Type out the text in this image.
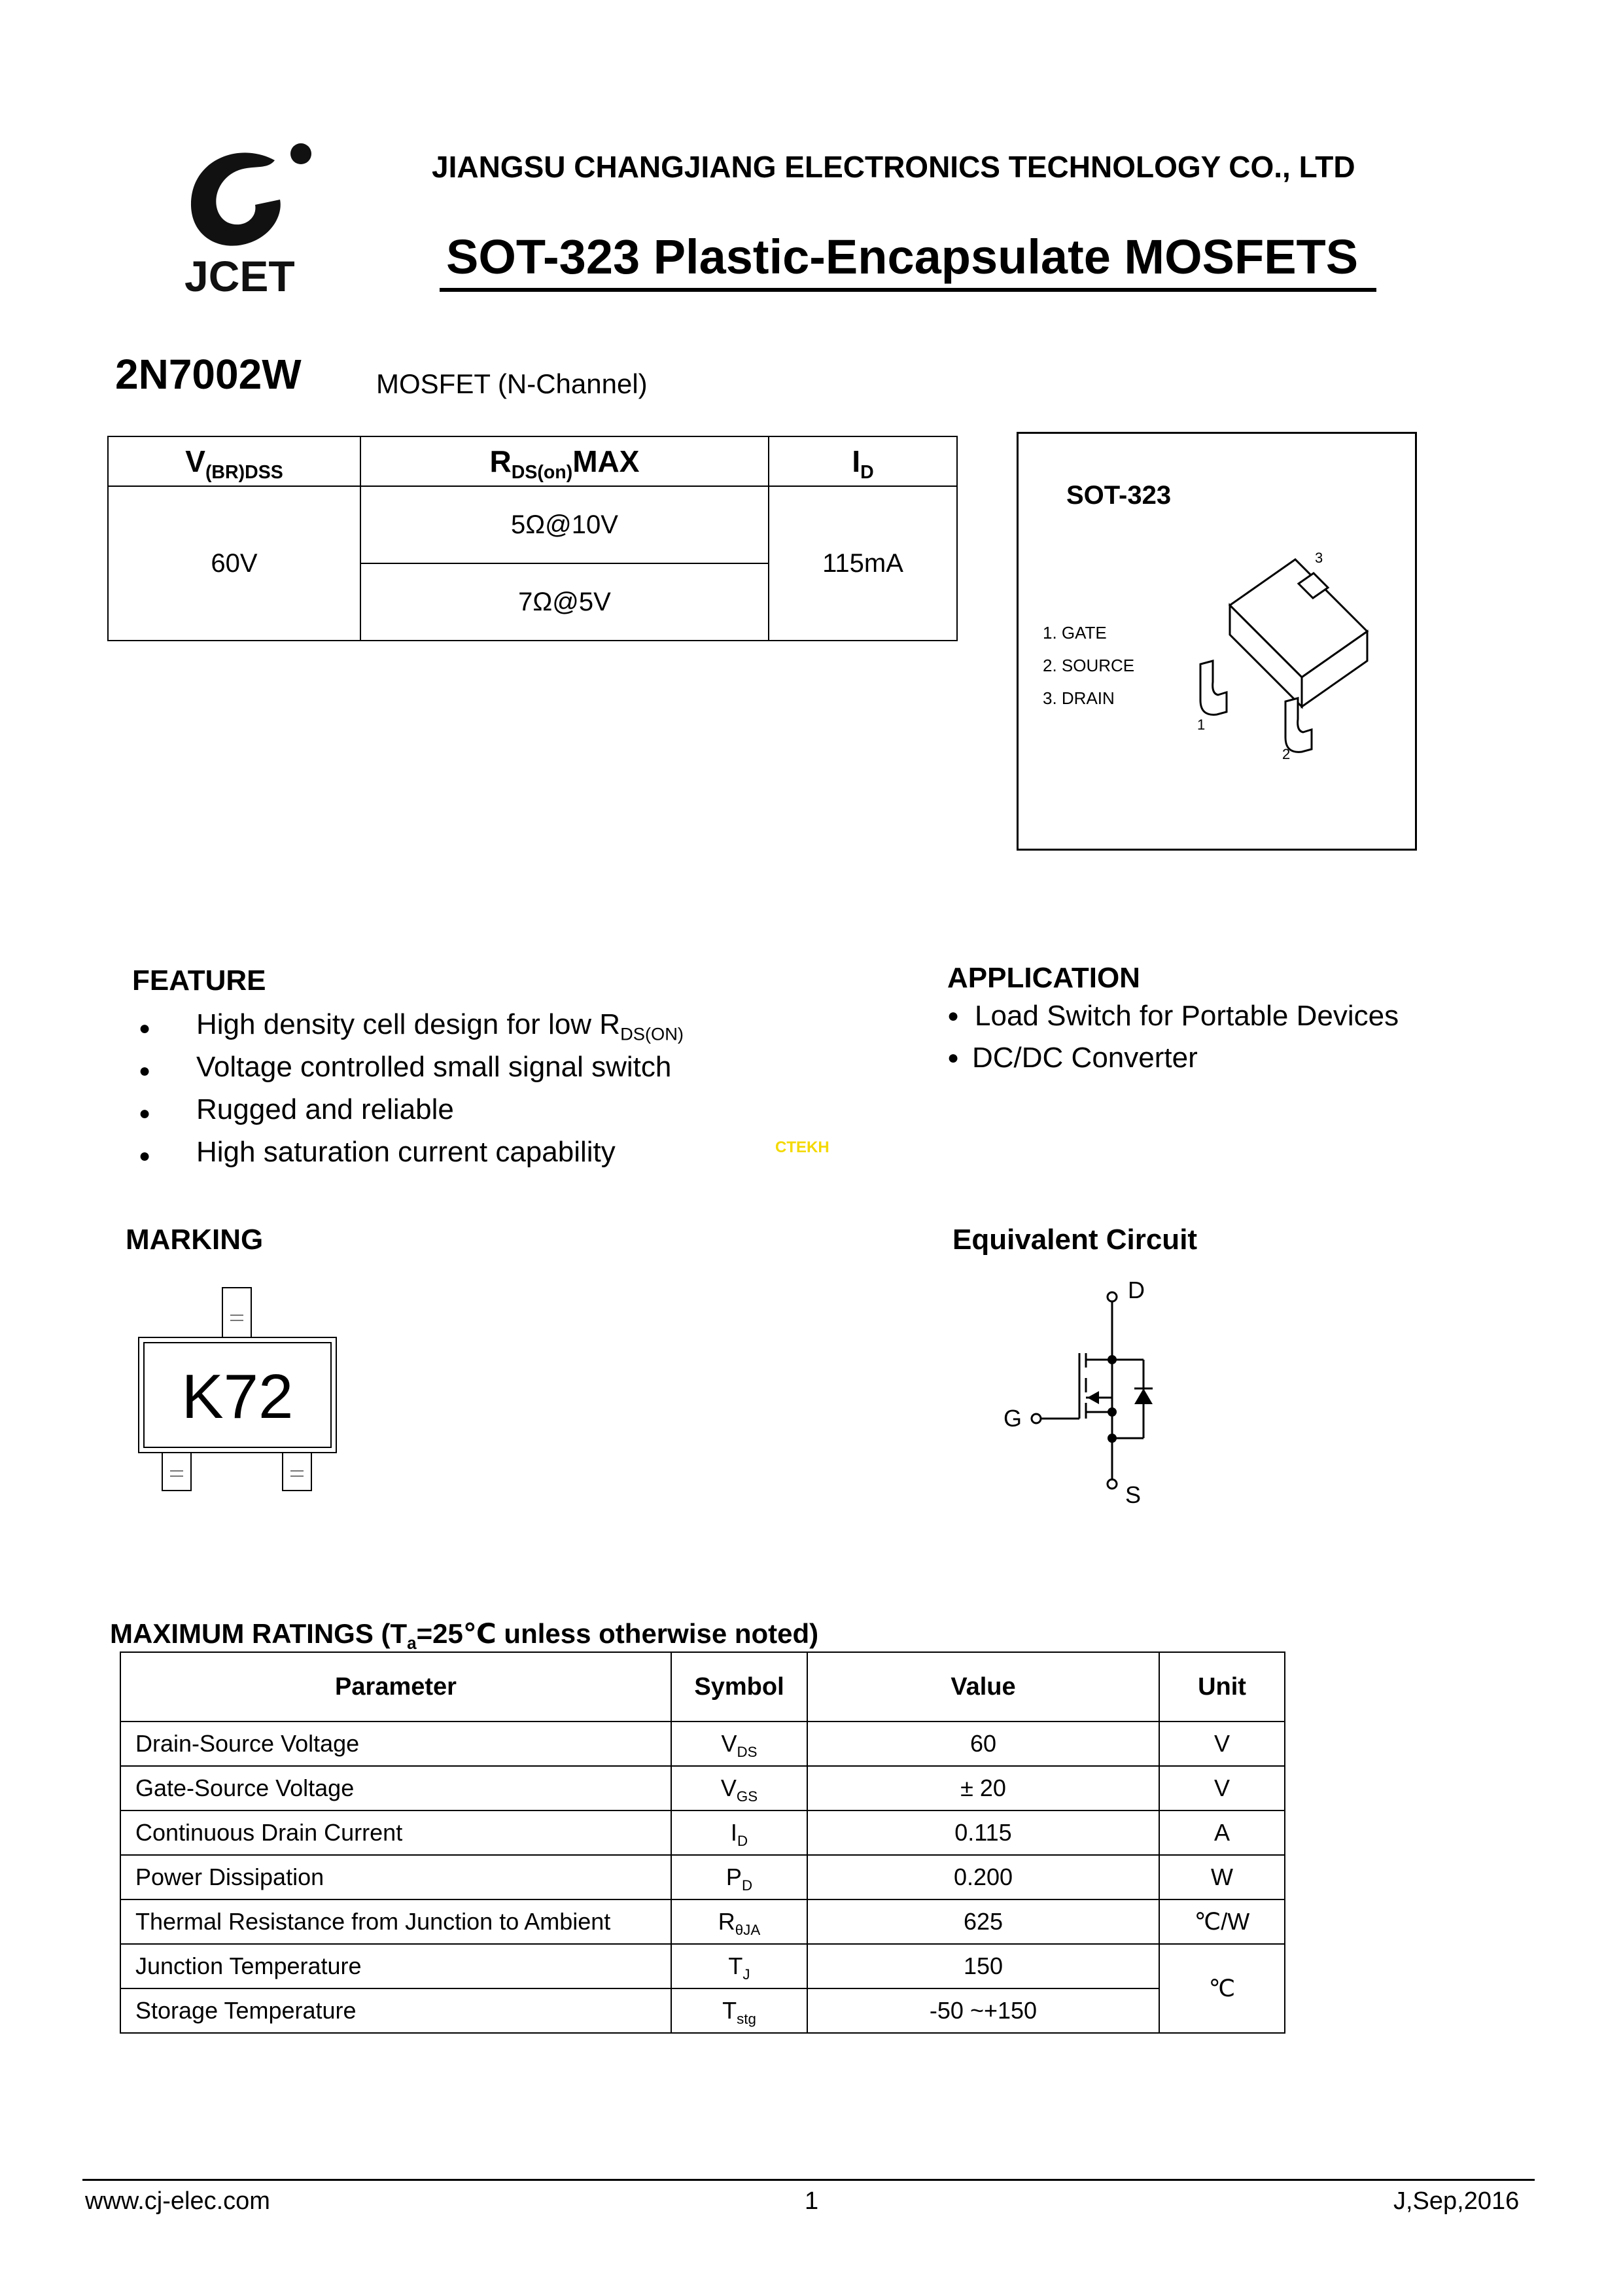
JCET
JIANGSU CHANGJIANG ELECTRONICS TECHNOLOGY CO., LTD
SOT-323 Plastic-Encapsulate MOSFETS
2N7002W	MOSFET (N-Channel)
$V_{(BR)DSS}$	$R_{DS(on)}MAX$	$I_D$
60V	5Ω@10V	115mA
	7Ω@5V	
SOT-323
1. GATE
2. SOURCE
3. DRAIN
3
1
2
FEATURE
● High density cell design for low $R_{DS(ON)}$
● Voltage controlled small signal switch
● Rugged and reliable
● High saturation current capability	CTEKH
APPLICATION
● Load Switch for Portable Devices
● DC/DC Converter
MARKING
K72
Equivalent Circuit
D
G
S
MAXIMUM RATINGS ($T_a=25℃$ unless otherwise noted)
Parameter	Symbol	Value	Unit
Drain-Source Voltage	$V_{DS}$	60	V
Gate-Source Voltage	$V_{GS}$	± 20	V
Continuous Drain Current	$I_D$	0.115	A
Power Dissipation	$P_D$	0.200	W
Thermal Resistance from Junction to Ambient	$R_{\theta JA}$	625	℃/W
Junction Temperature	$T_J$	150	℃
Storage Temperature	$T_{stg}$	-50 ~+150	
www.cj-elec.com	1	J,Sep,2016
